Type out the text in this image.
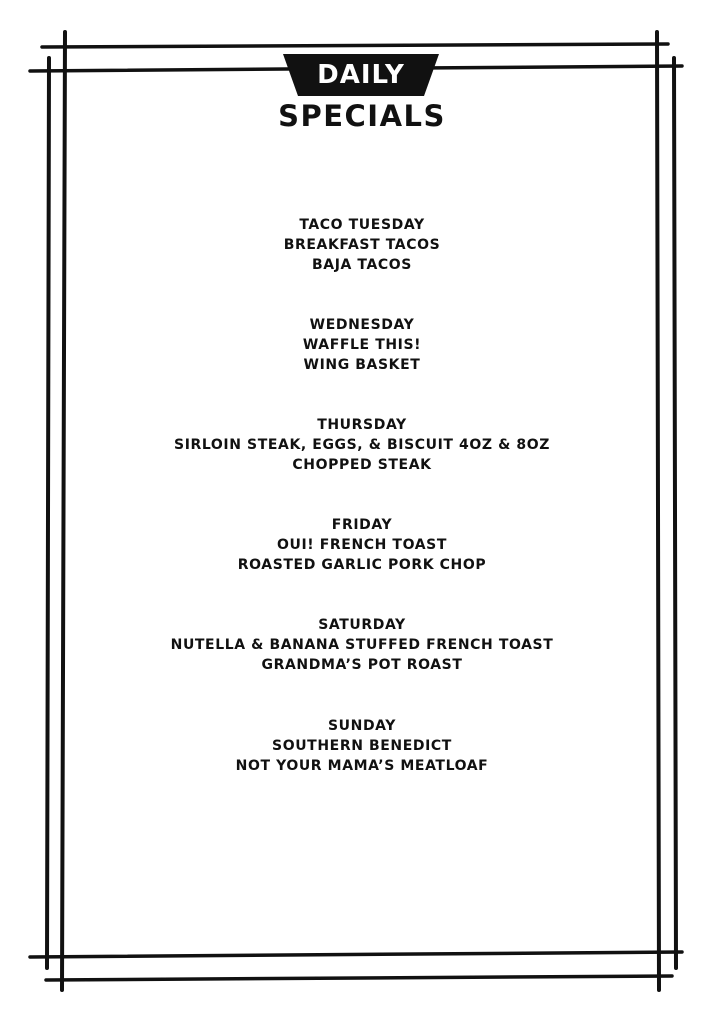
DAILY
SPECIALS
TACO TUESDAY
BREAKFAST TACOS
BAJA TACOS
WEDNESDAY
WAFFLE THIS!
WING BASKET
THURSDAY
SIRLOIN STEAK, EGGS, & BISCUIT 4OZ & 8OZ
CHOPPED STEAK
FRIDAY
OUI! FRENCH TOAST
ROASTED GARLIC PORK CHOP
SATURDAY
NUTELLA & BANANA STUFFED FRENCH TOAST
GRANDMA’S POT ROAST
SUNDAY
SOUTHERN BENEDICT
NOT YOUR MAMA’S MEATLOAF
